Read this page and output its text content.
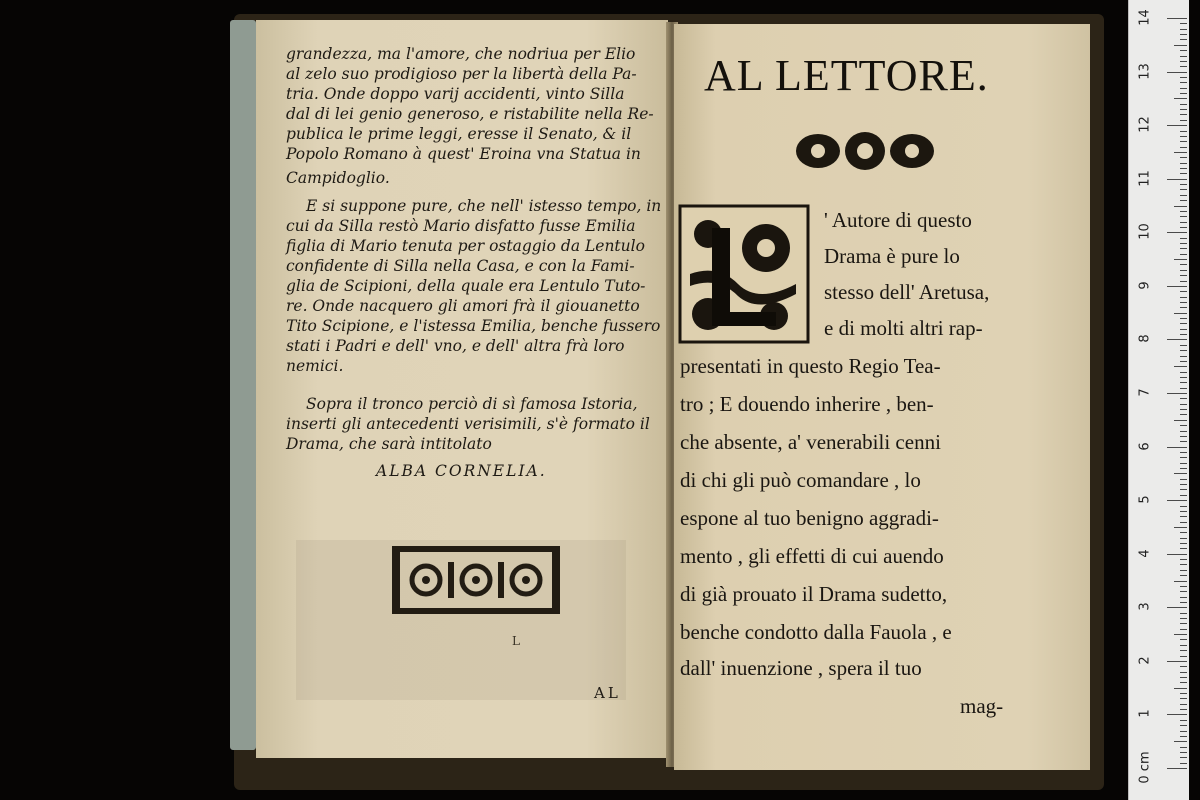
grandezza, ma l'amore, che nodriua per Elio
al zelo suo prodigioso per la libertà della Pa-
tria. Onde doppo varij accidenti, vinto Silla
dal di lei genio generoso, e ristabilite nella Re-
publica le prime leggi, eresse il Senato, & il
Popolo Romano à quest' Eroina vna Statua in
Campidoglio.
E si suppone pure, che nell' istesso tempo, in
cui da Silla restò Mario disfatto fusse Emilia
figlia di Mario tenuta per ostaggio da Lentulo
confidente di Silla nella Casa, e con la Fami-
glia de Scipioni, della quale era Lentulo Tuto-
re. Onde nacquero gli amori frà il giouanetto
Tito Scipione, e l'istessa Emilia, benche fussero
stati i Padri e dell' vno, e dell' altra frà loro
nemici.
Sopra il tronco perciò di sì famosa Istoria,
inserti gli antecedenti verisimili, s'è formato il
Drama, che sarà intitolato
ALBA CORNELIA.
L
AL
AL LETTORE.
' Autore di questo
Drama è pure lo
stesso dell' Aretusa,
e di molti altri rap-
presentati in questo Regio Tea-
tro ; E douendo inherire , ben-
che absente, a' venerabili cenni
di chi gli può comandare , lo
espone al tuo benigno aggradi-
mento , gli effetti di cui auendo
di già prouato il Drama sudetto,
benche condotto dalla Fauola , e
dall' inuenzione , spera il tuo
mag-
14
13
12
11
10
9
8
7
6
5
4
3
2
1
0 cm
